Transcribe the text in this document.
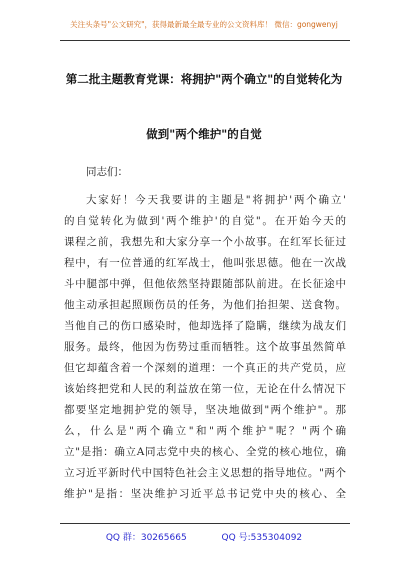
关注头条号"公文研究"，获得最新最全最专业的公文资料库！ 微信：gongwenyj
第二批主题教育党课：将拥护"两个确立"的自觉转化为
做到"两个维护"的自觉
同志们：
大家好！今天我要讲的主题是"将拥护'两个确立'
的自觉转化为做到'两个维护'的自觉"。在开始今天的
课程之前，我想先和大家分享一个小故事。在红军长征过
程中，有一位普通的红军战士，他叫张思德。他在一次战
斗中腿部中弹，但他依然坚持跟随部队前进。在长征途中
他主动承担起照顾伤员的任务，为他们抬担架、送食物。
当他自己的伤口感染时，他却选择了隐瞒，继续为战友们
服务。最终，他因为伤势过重而牺牲。这个故事虽然简单
但它却蕴含着一个深刻的道理：一个真正的共产党员，应
该始终把党和人民的利益放在第一位，无论在什么情况下
都要坚定地拥护党的领导，坚决地做到"两个维护"。那
么，什么是"两个确立"和"两个维护"呢？"两个确
立"是指：确立A同志党中央的核心、全党的核心地位，确
立习近平新时代中国特色社会主义思想的指导地位。"两个
维护"是指：坚决维护习近平总书记党中央的核心、全
QQ 群：30265665	QQ 号:535304092
